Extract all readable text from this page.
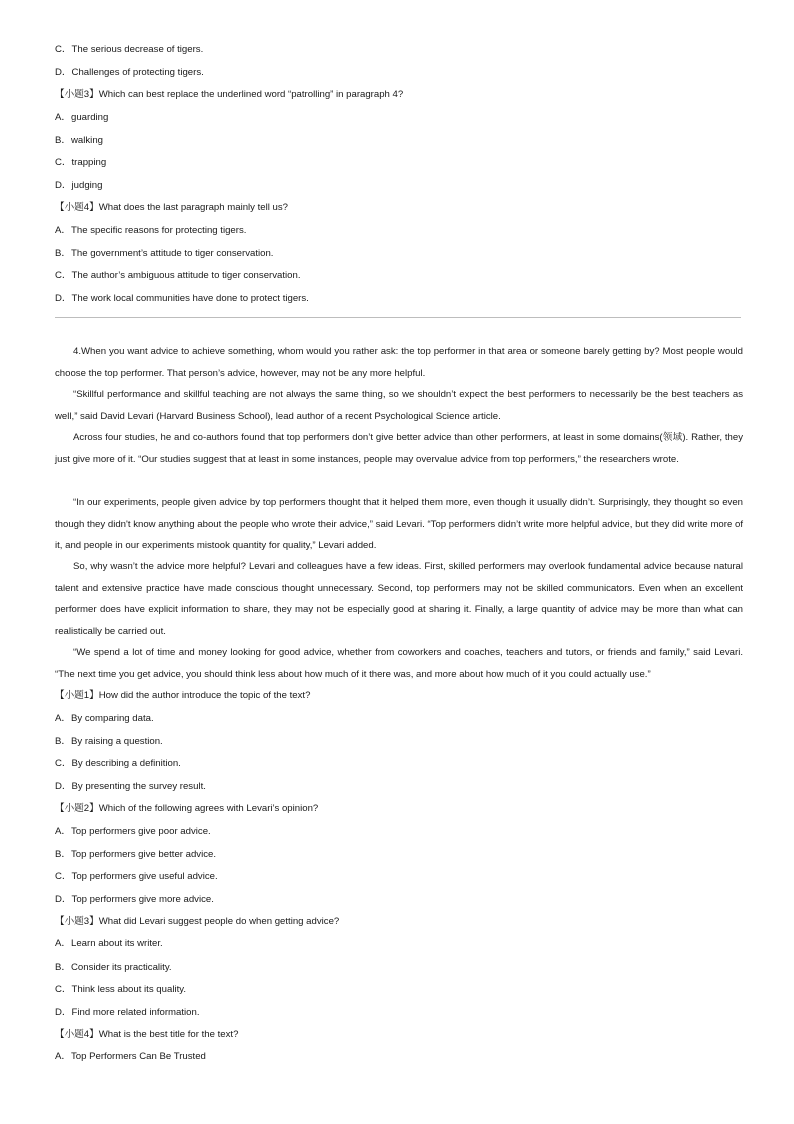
C．The serious decrease of tigers.
D．Challenges of protecting tigers.
【小题3】Which can best replace the underlined word “patrolling” in paragraph 4?
A．guarding
B．walking
C．trapping
D．judging
【小题4】What does the last paragraph mainly tell us?
A．The specific reasons for protecting tigers.
B．The government’s attitude to tiger conservation.
C．The author’s ambiguous attitude to tiger conservation.
D．The work local communities have done to protect tigers.
4.When you want advice to achieve something, whom would you rather ask: the top performer in that area or someone barely getting by? Most people would choose the top performer. That person’s advice, however, may not be any more helpful.
“Skillful performance and skillful teaching are not always the same thing, so we shouldn’t expect the best performers to necessarily be the best teachers as well,” said David Levari (Harvard Business School), lead author of a recent Psychological Science article.
Across four studies, he and co-authors found that top performers don’t give better advice than other performers, at least in some domains(领域). Rather, they just give more of it. “Our studies suggest that at least in some instances, people may overvalue advice from top performers,” the researchers wrote.
“In our experiments, people given advice by top performers thought that it helped them more, even though it usually didn’t. Surprisingly, they thought so even though they didn't know anything about the people who wrote their advice,” said Levari. “Top performers didn’t write more helpful advice, but they did write more of it, and people in our experiments mistook quantity for quality,” Levari added.
So, why wasn’t the advice more helpful? Levari and colleagues have a few ideas. First, skilled performers may overlook fundamental advice because natural talent and extensive practice have made conscious thought unnecessary. Second, top performers may not be skilled communicators. Even when an excellent performer does have explicit information to share, they may not be especially good at sharing it. Finally, a large quantity of advice may be more than what can realistically be carried out.
“We spend a lot of time and money looking for good advice, whether from coworkers and coaches, teachers and tutors, or friends and family,” said Levari. “The next time you get advice, you should think less about how much of it there was, and more about how much of it you could actually use.”
【小题1】How did the author introduce the topic of the text?
A．By comparing data.
B．By raising a question.
C．By describing a definition.
D．By presenting the survey result.
【小题2】Which of the following agrees with Levari’s opinion?
A．Top performers give poor advice.
B．Top performers give better advice.
C．Top performers give useful advice.
D．Top performers give more advice.
【小题3】What did Levari suggest people do when getting advice?
A．Learn about its writer.
B．Consider its practicality.
C．Think less about its quality.
D．Find more related information.
【小题4】What is the best title for the text?
A．Top Performers Can Be Trusted
